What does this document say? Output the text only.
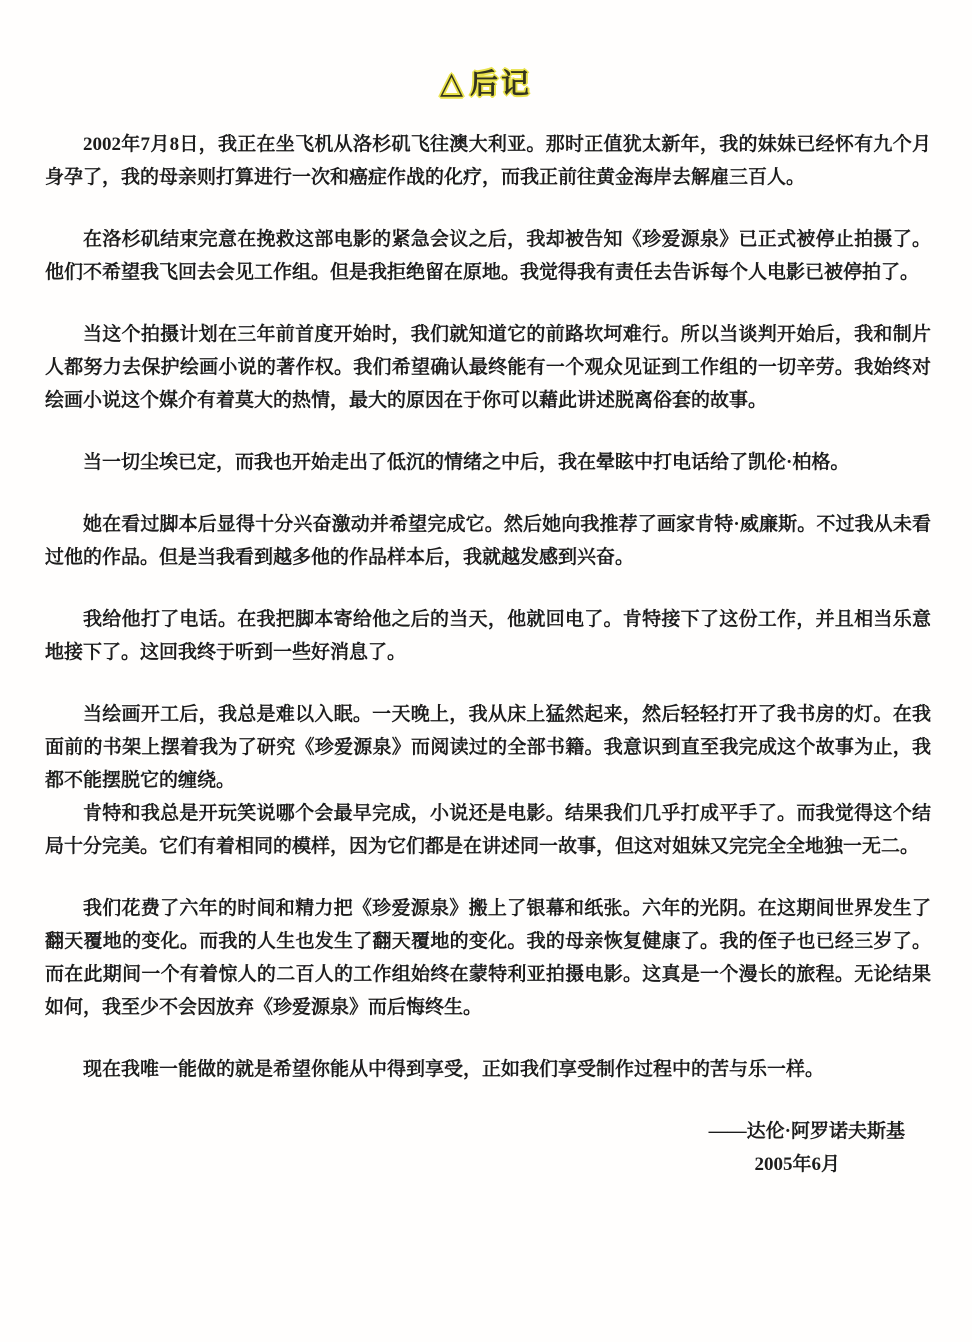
△ 后记

2002年7月8日，我正在坐飞机从洛杉矶飞往澳大利亚。那时正值犹太新年，我的妹妹已经怀有九个月身孕了，我的母亲则打算进行一次和癌症作战的化疗，而我正前往黄金海岸去解雇三百人。

在洛杉矶结束完意在挽救这部电影的紧急会议之后，我却被告知《珍爱源泉》已正式被停止拍摄了。他们不希望我飞回去会见工作组。但是我拒绝留在原地。我觉得我有责任去告诉每个人电影已被停拍了。

当这个拍摄计划在三年前首度开始时，我们就知道它的前路坎坷难行。所以当谈判开始后，我和制片人都努力去保护绘画小说的著作权。我们希望确认最终能有一个观众见证到工作组的一切辛劳。我始终对绘画小说这个媒介有着莫大的热情，最大的原因在于你可以藉此讲述脱离俗套的故事。

当一切尘埃已定，而我也开始走出了低沉的情绪之中后，我在晕眩中打电话给了凯伦·柏格。

她在看过脚本后显得十分兴奋激动并希望完成它。然后她向我推荐了画家肯特·威廉斯。不过我从未看过他的作品。但是当我看到越多他的作品样本后，我就越发感到兴奋。

我给他打了电话。在我把脚本寄给他之后的当天，他就回电了。肯特接下了这份工作，并且相当乐意地接下了。这回我终于听到一些好消息了。

当绘画开工后，我总是难以入眠。一天晚上，我从床上猛然起来，然后轻轻打开了我书房的灯。在我面前的书架上摆着我为了研究《珍爱源泉》而阅读过的全部书籍。我意识到直至我完成这个故事为止，我都不能摆脱它的缠绕。

肯特和我总是开玩笑说哪个会最早完成，小说还是电影。结果我们几乎打成平手了。而我觉得这个结局十分完美。它们有着相同的模样，因为它们都是在讲述同一故事，但这对姐妹又完完全全地独一无二。

我们花费了六年的时间和精力把《珍爱源泉》搬上了银幕和纸张。六年的光阴。在这期间世界发生了翻天覆地的变化。而我的人生也发生了翻天覆地的变化。我的母亲恢复健康了。我的侄子也已经三岁了。而在此期间一个有着惊人的二百人的工作组始终在蒙特利亚拍摄电影。这真是一个漫长的旅程。无论结果如何，我至少不会因放弃《珍爱源泉》而后悔终生。

现在我唯一能做的就是希望你能从中得到享受，正如我们享受制作过程中的苦与乐一样。

——达伦·阿罗诺夫斯基

2005年6月
